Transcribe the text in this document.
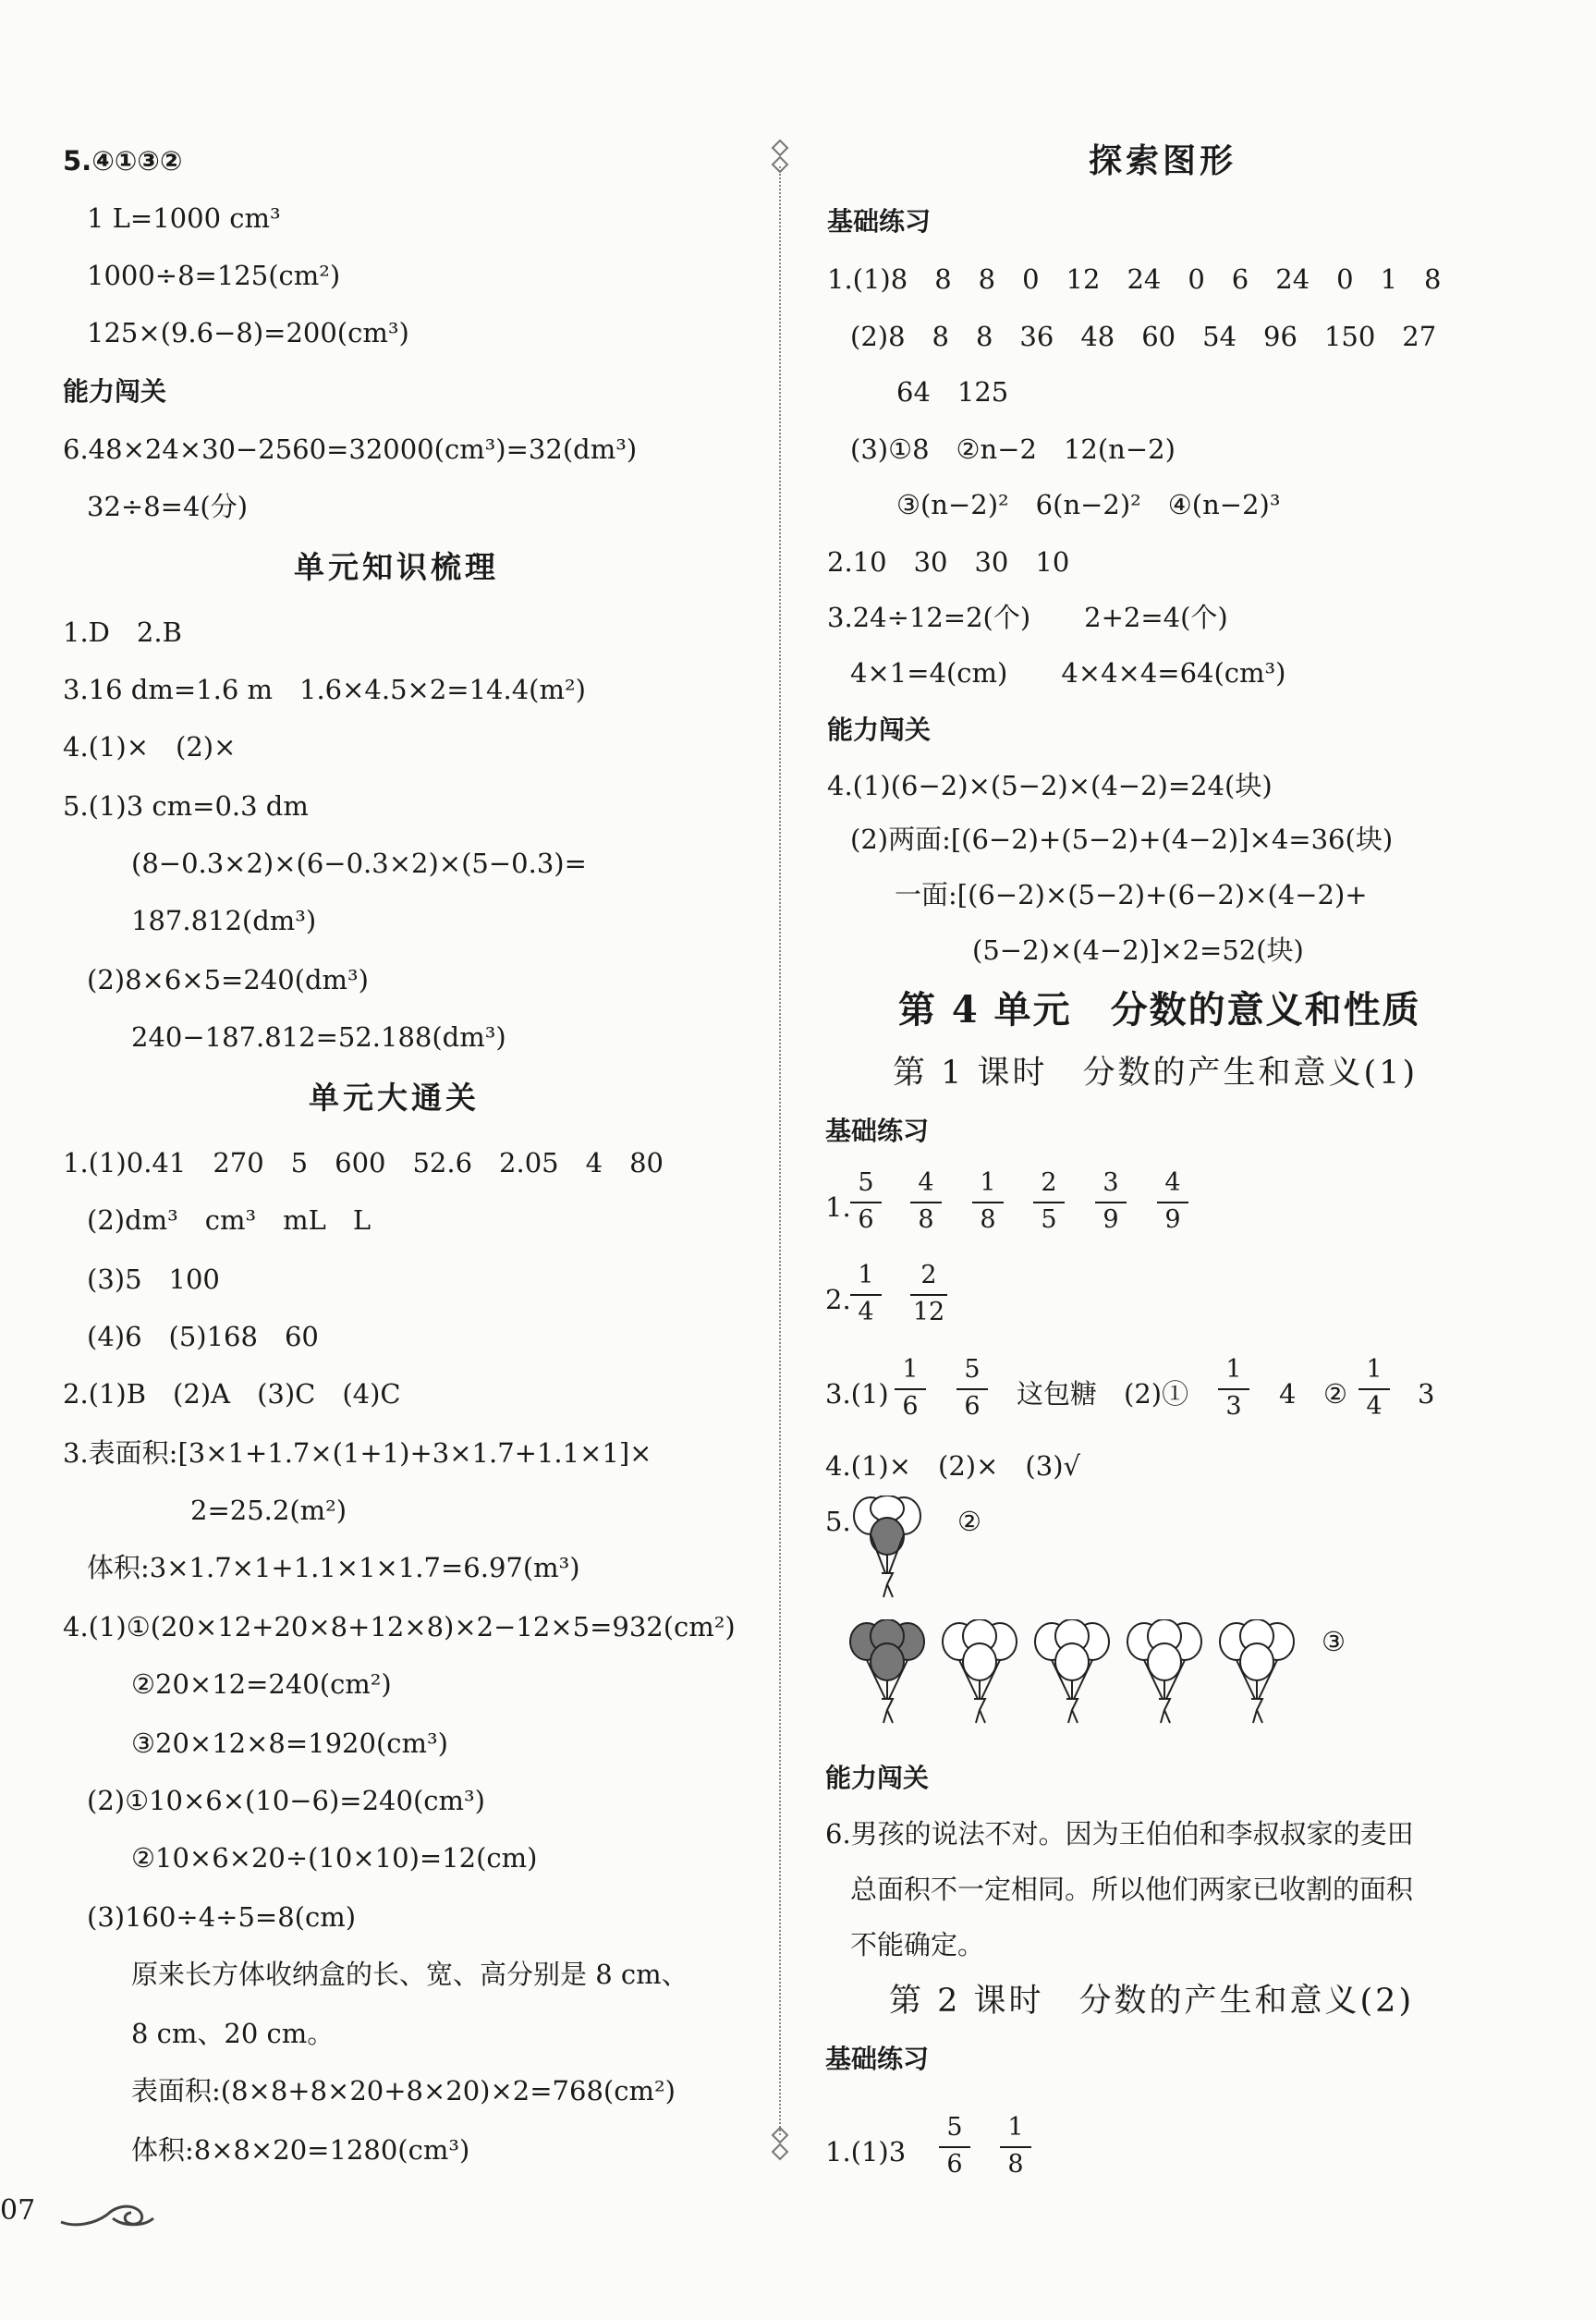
5.④①③②
1 L=1000 cm³
1000÷8=125(cm²)
125×(9.6−8)=200(cm³)
能力闯关
6.48×24×30−2560=32000(cm³)=32(dm³)
32÷8=4(分)
单元知识梳理
1.D　2.B
3.16 dm=1.6 m　1.6×4.5×2=14.4(m²)
4.(1)×　(2)×
5.(1)3 cm=0.3 dm
(8−0.3×2)×(6−0.3×2)×(5−0.3)=
187.812(dm³)
(2)8×6×5=240(dm³)
240−187.812=52.188(dm³)
单元大通关
1.(1)0.41　270　5　600　52.6　2.05　4　80
(2)dm³　cm³　mL　L
(3)5　100
(4)6　(5)168　60
2.(1)B　(2)A　(3)C　(4)C
3.表面积:[3×1+1.7×(1+1)+3×1.7+1.1×1]×
2=25.2(m²)
体积:3×1.7×1+1.1×1×1.7=6.97(m³)
4.(1)①(20×12+20×8+12×8)×2−12×5=932(cm²)
②20×12=240(cm²)
③20×12×8=1920(cm³)
(2)①10×6×(10−6)=240(cm³)
②10×6×20÷(10×10)=12(cm)
(3)160÷4÷5=8(cm)
原来长方体收纳盒的长、宽、高分别是 8 cm、
8 cm、20 cm。
表面积:(8×8+8×20+8×20)×2=768(cm²)
体积:8×8×20=1280(cm³)
探索图形
基础练习
1.(1)8　8　8　0　12　24　0　6　24　0　1　8
(2)8　8　8　36　48　60　54　96　150　27
64　125
(3)①8　②n−2　12(n−2)
③(n−2)²　6(n−2)²　④(n−2)³
2.10　30　30　10
3.24÷12=2(个)　　2+2=4(个)
4×1=4(cm)　　4×4×4=64(cm³)
能力闯关
4.(1)(6−2)×(5−2)×(4−2)=24(块)
(2)两面:[(6−2)+(5−2)+(4−2)]×4=36(块)
一面:[(6−2)×(5−2)+(6−2)×(4−2)+
(5−2)×(4−2)]×2=52(块)
第 4 单元　分数的意义和性质
第 1 课时　分数的产生和意义(1)
基础练习
1. $\frac{5}{6} \frac{4}{8} \frac{1}{8} \frac{2}{5} \frac{3}{9} \frac{4}{9}$
2. $\frac{1}{4} \frac{2}{12}$
$3.(1) \frac{1}{6} \frac{5}{6}$ 这包糖　(2)① $\frac{1}{3} 4$ ② $\frac{1}{4} 3$
4.(1)×　(2)×　(3)√
5.	②
③
能力闯关
6.男孩的说法不对。因为王伯伯和李叔叔家的麦田
总面积不一定相同。所以他们两家已收割的面积
不能确定。
第 2 课时　分数的产生和意义(2)
基础练习
$1.(1)3 \frac{5}{6} \frac{1}{8}$
07
